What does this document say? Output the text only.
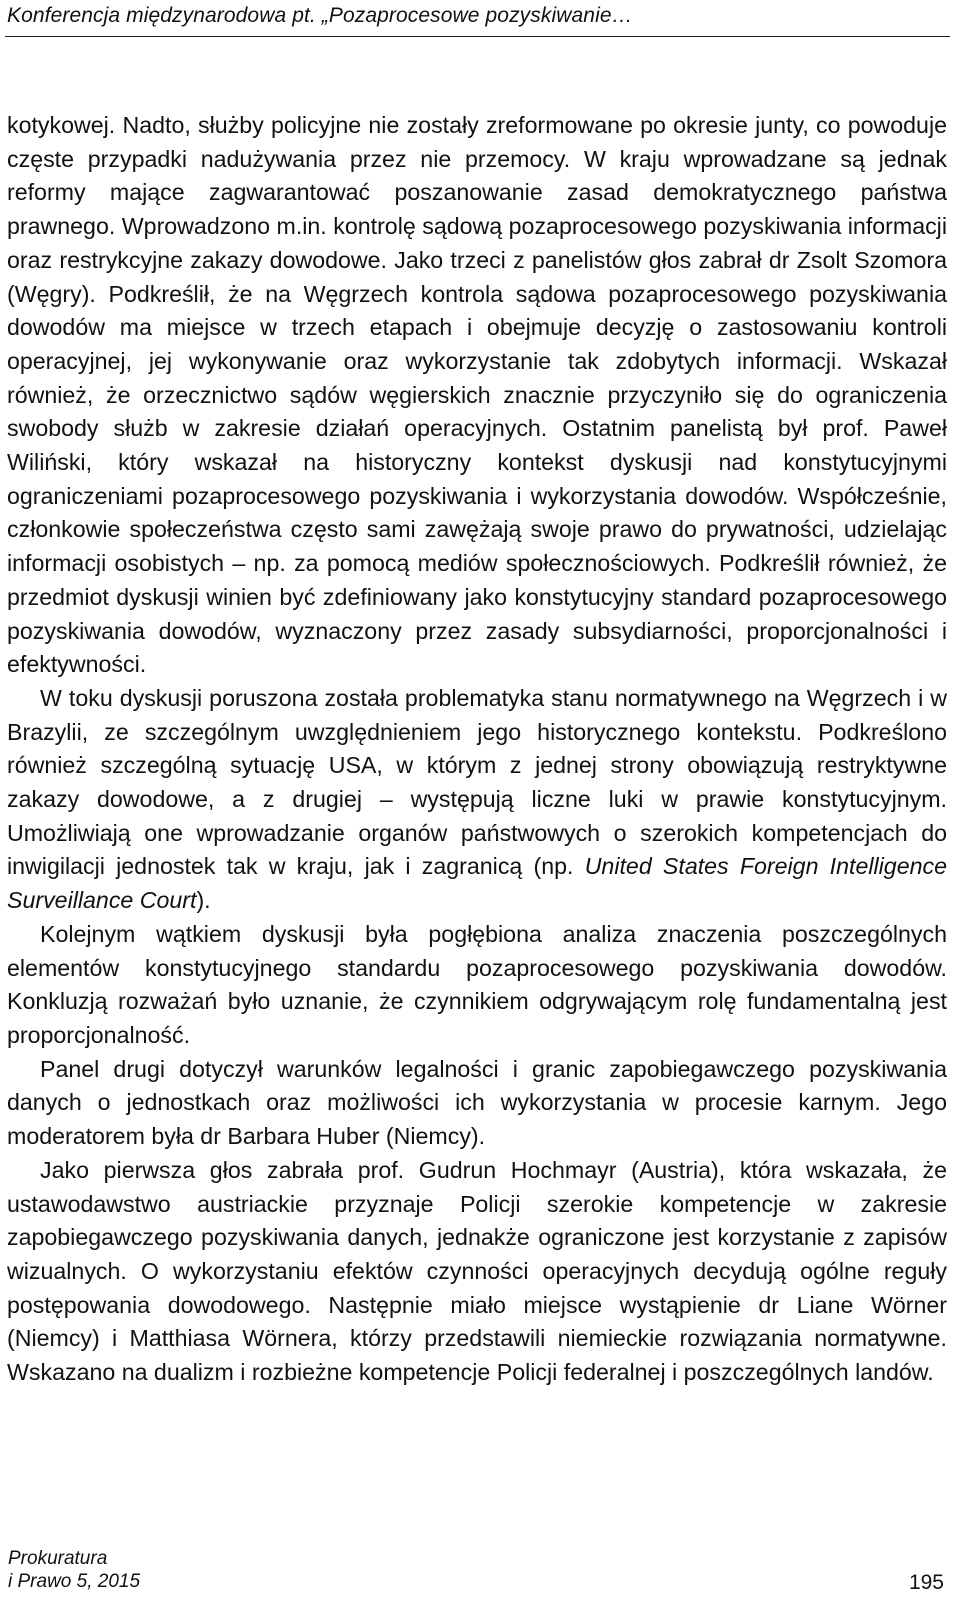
Konferencja międzynarodowa pt. „Pozaprocesowe pozyskiwanie…

kotykowej. Nadto, służby policyjne nie zostały zreformowane po okresie junty, co powoduje częste przypadki nadużywania przez nie przemocy. W kraju wprowadzane są jednak reformy mające zagwarantować poszanowanie zasad demokratycznego państwa prawnego. Wprowadzono m.in. kontrolę sądową pozaprocesowego pozyskiwania informacji oraz restrykcyjne zakazy dowodowe. Jako trzeci z panelistów głos zabrał dr Zsolt Szomora (Węgry). Podkreślił, że na Węgrzech kontrola sądowa pozaprocesowego pozyskiwania dowodów ma miejsce w trzech etapach i obejmuje decyzję o zastosowaniu kontroli operacyjnej, jej wykonywanie oraz wykorzystanie tak zdobytych informacji. Wskazał również, że orzecznictwo sądów węgierskich znacznie przyczyniło się do ograniczenia swobody służb w zakresie działań operacyjnych. Ostatnim panelistą był prof. Paweł Wiliński, który wskazał na historyczny kontekst dyskusji nad konstytucyjnymi ograniczeniami pozaprocesowego pozyskiwania i wykorzystania dowodów. Współcześnie, członkowie społeczeństwa często sami zawężają swoje prawo do prywatności, udzielając informacji osobistych – np. za pomocą mediów społecznościowych. Podkreślił również, że przedmiot dyskusji winien być zdefiniowany jako konstytucyjny standard pozaprocesowego pozyskiwania dowodów, wyznaczony przez zasady subsydiarności, proporcjonalności i efektywności.

W toku dyskusji poruszona została problematyka stanu normatywnego na Węgrzech i w Brazylii, ze szczególnym uwzględnieniem jego historycznego kontekstu. Podkreślono również szczególną sytuację USA, w którym z jednej strony obowiązują restryktywne zakazy dowodowe, a z drugiej – występują liczne luki w prawie konstytucyjnym. Umożliwiają one wprowadzanie organów państwowych o szerokich kompetencjach do inwigilacji jednostek tak w kraju, jak i zagranicą (np. United States Foreign Intelligence Surveillance Court).

Kolejnym wątkiem dyskusji była pogłębiona analiza znaczenia poszczególnych elementów konstytucyjnego standardu pozaprocesowego pozyskiwania dowodów. Konkluzją rozważań było uznanie, że czynnikiem odgrywającym rolę fundamentalną jest proporcjonalność.

Panel drugi dotyczył warunków legalności i granic zapobiegawczego pozyskiwania danych o jednostkach oraz możliwości ich wykorzystania w procesie karnym. Jego moderatorem była dr Barbara Huber (Niemcy).

Jako pierwsza głos zabrała prof. Gudrun Hochmayr (Austria), która wskazała, że ustawodawstwo austriackie przyznaje Policji szerokie kompetencje w zakresie zapobiegawczego pozyskiwania danych, jednakże ograniczone jest korzystanie z zapisów wizualnych. O wykorzystaniu efektów czynności operacyjnych decydują ogólne reguły postępowania dowodowego. Następnie miało miejsce wystąpienie dr Liane Wörner (Niemcy) i Matthiasa Wörnera, którzy przedstawili niemieckie rozwiązania normatywne. Wskazano na dualizm i rozbieżne kompetencje Policji federalnej i poszczególnych landów.

Prokuratura
i Prawo 5, 2015	195
